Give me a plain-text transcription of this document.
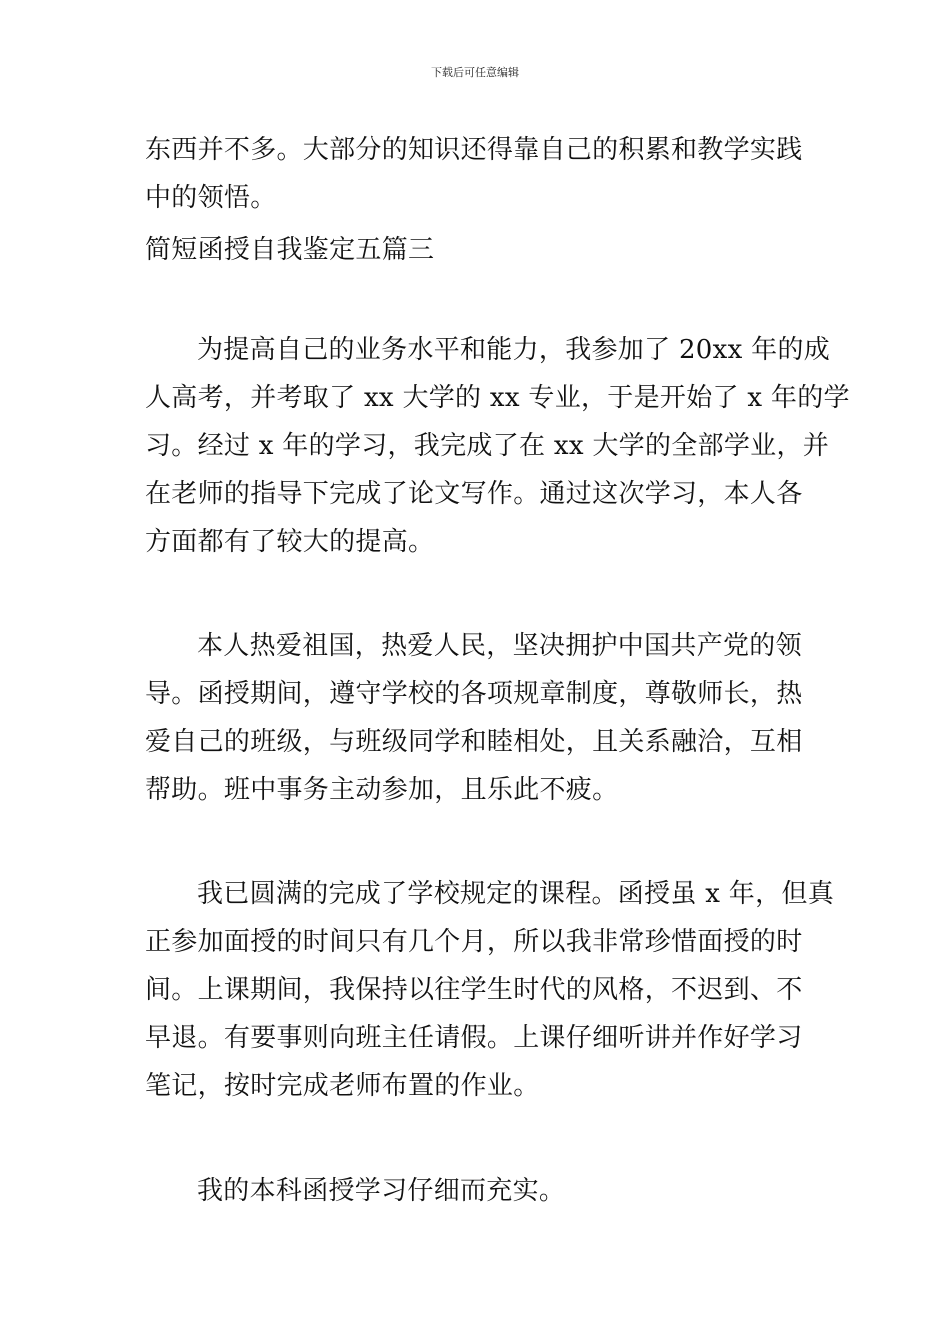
下载后可任意编辑
东西并不多。大部分的知识还得靠自己的积累和教学实践
中的领悟。
简短函授自我鉴定五篇三
为提高自己的业务水平和能力，我参加了 20xx 年的成
人高考，并考取了 xx 大学的 xx 专业，于是开始了 x 年的学
习。经过 x 年的学习，我完成了在 xx 大学的全部学业，并
在老师的指导下完成了论文写作。通过这次学习，本人各
方面都有了较大的提高。
本人热爱祖国，热爱人民，坚决拥护中国共产党的领
导。函授期间，遵守学校的各项规章制度，尊敬师长，热
爱自己的班级，与班级同学和睦相处，且关系融洽，互相
帮助。班中事务主动参加，且乐此不疲。
我已圆满的完成了学校规定的课程。函授虽 x 年，但真
正参加面授的时间只有几个月，所以我非常珍惜面授的时
间。上课期间，我保持以往学生时代的风格，不迟到、不
早退。有要事则向班主任请假。上课仔细听讲并作好学习
笔记，按时完成老师布置的作业。
我的本科函授学习仔细而充实。
